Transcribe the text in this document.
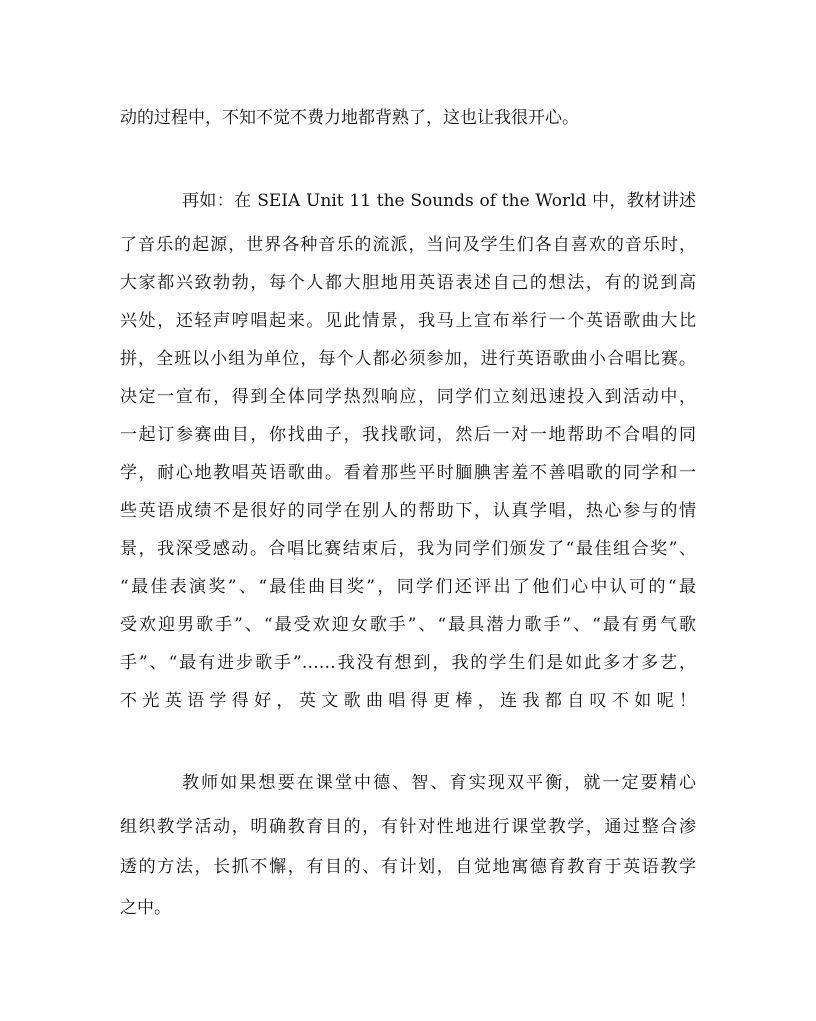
动的过程中，不知不觉不费力地都背熟了，这也让我很开心。
再如：在 SEIA Unit 11 the Sounds of the World 中，教材讲述
了音乐的起源，世界各种音乐的流派，当问及学生们各自喜欢的音乐时，
大家都兴致勃勃，每个人都大胆地用英语表述自己的想法，有的说到高
兴处，还轻声哼唱起来。见此情景，我马上宣布举行一个英语歌曲大比
拼，全班以小组为单位，每个人都必须参加，进行英语歌曲小合唱比赛。
决定一宣布，得到全体同学热烈响应，同学们立刻迅速投入到活动中，
一起订参赛曲目，你找曲子，我找歌词，然后一对一地帮助不合唱的同
学，耐心地教唱英语歌曲。看着那些平时腼腆害羞不善唱歌的同学和一
些英语成绩不是很好的同学在别人的帮助下，认真学唱，热心参与的情
景，我深受感动。合唱比赛结束后，我为同学们颁发了“最佳组合奖”、
“最佳表演奖”、“最佳曲目奖”，同学们还评出了他们心中认可的“最
受欢迎男歌手”、“最受欢迎女歌手”、“最具潜力歌手”、“最有勇气歌
手”、“最有进步歌手”……我没有想到，我的学生们是如此多才多艺，
不光英语学得好，英文歌曲唱得更棒，连我都自叹不如呢！
教师如果想要在课堂中德、智、育实现双平衡，就一定要精心
组织教学活动，明确教育目的，有针对性地进行课堂教学，通过整合渗
透的方法，长抓不懈，有目的、有计划，自觉地寓德育教育于英语教学
之中。
